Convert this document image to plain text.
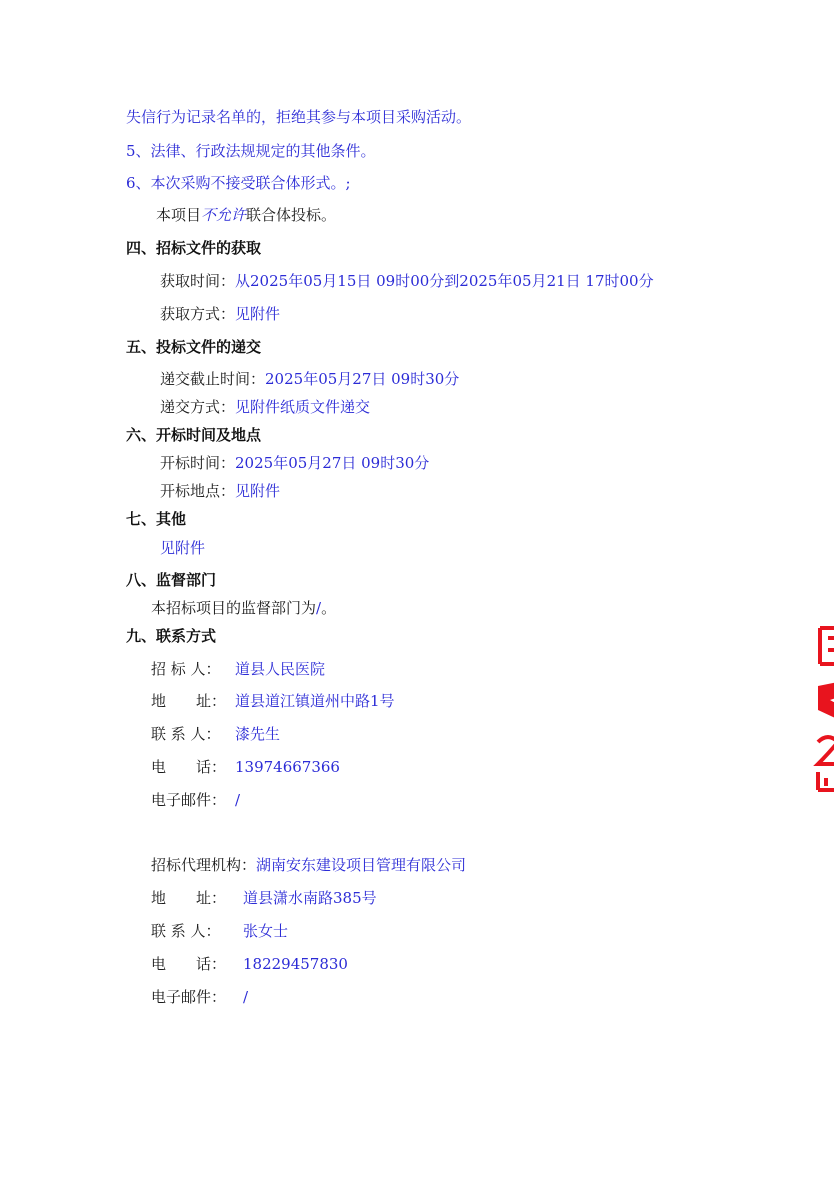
失信行为记录名单的，拒绝其参与本项目采购活动。
5、法律、行政法规规定的其他条件。
6、本次采购不接受联合体形式。;
本项目不允许联合体投标。
四、招标文件的获取
获取时间：从2025年05月15日 09时00分到2025年05月21日 17时00分
获取方式：见附件
五、投标文件的递交
递交截止时间：2025年05月27日 09时30分
递交方式：见附件纸质文件递交
六、开标时间及地点
开标时间：2025年05月27日 09时30分
开标地点：见附件
七、其他
见附件
八、监督部门
本招标项目的监督部门为/。
九、联系方式
招 标 人： 道县人民医院
地　　址： 道县道江镇道州中路1号
联 系 人： 漆先生
电　　话： 13974667366
电子邮件： /
招标代理机构：湖南安东建设项目管理有限公司
地　　址： 道县潇水南路385号
联 系 人： 张女士
电　　话： 18229457830
电子邮件： /
